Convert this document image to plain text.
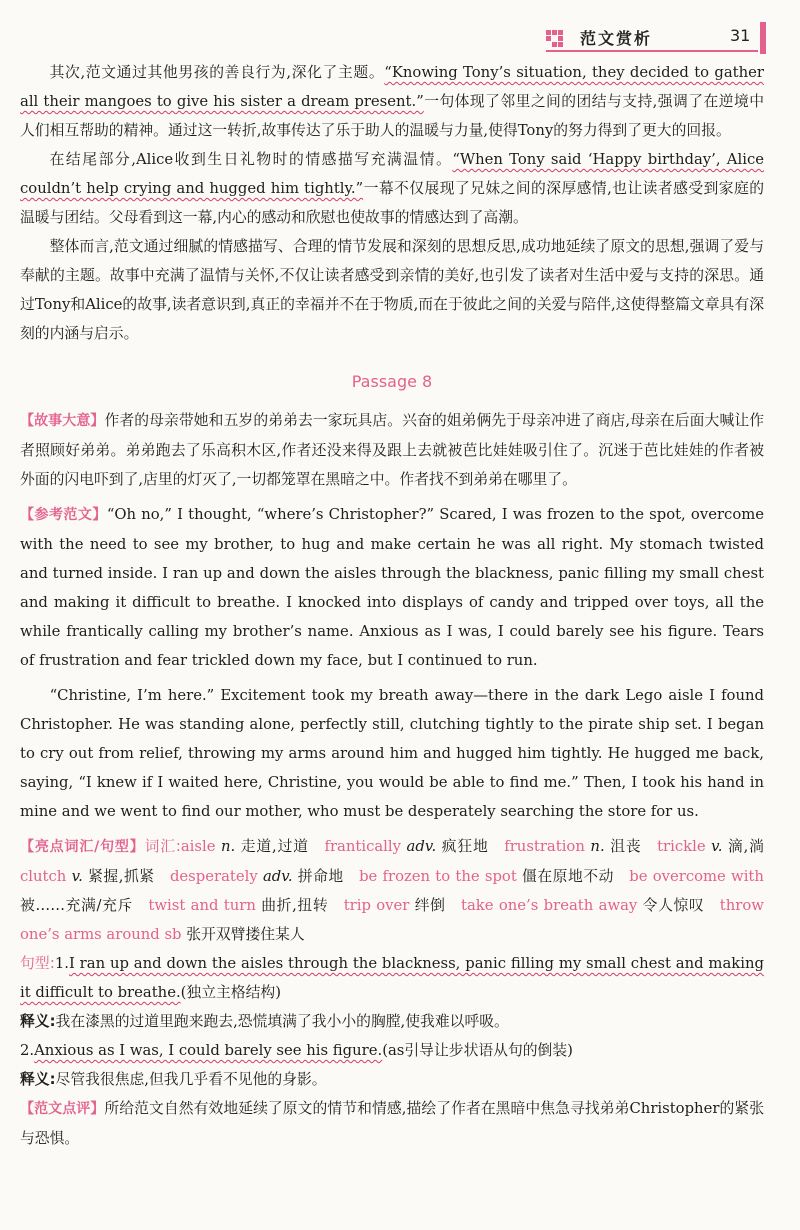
范文赏析	31

其次,范文通过其他男孩的善良行为,深化了主题。“Knowing Tony’s situation, they decided to gather all their mangoes to give his sister a dream present.”一句体现了邻里之间的团结与支持,强调了在逆境中人们相互帮助的精神。通过这一转折,故事传达了乐于助人的温暖与力量,使得Tony的努力得到了更大的回报。

在结尾部分,Alice收到生日礼物时的情感描写充满温情。“When Tony said ‘Happy birthday’, Alice couldn’t help crying and hugged him tightly.”一幕不仅展现了兄妹之间的深厚感情,也让读者感受到家庭的温暖与团结。父母看到这一幕,内心的感动和欣慰也使故事的情感达到了高潮。

整体而言,范文通过细腻的情感描写、合理的情节发展和深刻的思想反思,成功地延续了原文的思想,强调了爱与奉献的主题。故事中充满了温情与关怀,不仅让读者感受到亲情的美好,也引发了读者对生活中爱与支持的深思。通过Tony和Alice的故事,读者意识到,真正的幸福并不在于物质,而在于彼此之间的关爱与陪伴,这使得整篇文章具有深刻的内涵与启示。

Passage 8

【故事大意】作者的母亲带她和五岁的弟弟去一家玩具店。兴奋的姐弟俩先于母亲冲进了商店,母亲在后面大喊让作者照顾好弟弟。弟弟跑去了乐高积木区,作者还没来得及跟上去就被芭比娃娃吸引住了。沉迷于芭比娃娃的作者被外面的闪电吓到了,店里的灯灭了,一切都笼罩在黑暗之中。作者找不到弟弟在哪里了。

【参考范文】“Oh no,” I thought, “where’s Christopher?” Scared, I was frozen to the spot, overcome with the need to see my brother, to hug and make certain he was all right. My stomach twisted and turned inside. I ran up and down the aisles through the blackness, panic filling my small chest and making it difficult to breathe. I knocked into displays of candy and tripped over toys, all the while frantically calling my brother’s name. Anxious as I was, I could barely see his figure. Tears of frustration and fear trickled down my face, but I continued to run.

“Christine, I’m here.” Excitement took my breath away—there in the dark Lego aisle I found Christopher. He was standing alone, perfectly still, clutching tightly to the pirate ship set. I began to cry out from relief, throwing my arms around him and hugged him tightly. He hugged me back, saying, “I knew if I waited here, Christine, you would be able to find me.” Then, I took his hand in mine and we went to find our mother, who must be desperately searching the store for us.

【亮点词汇/句型】词汇:aisle n. 走道,过道　 frantically adv. 疯狂地　 frustration n. 沮丧　 trickle v. 滴,淌　clutch v. 紧握,抓紧　 desperately adv. 拼命地　 be frozen to the spot 僵在原地不动　 be overcome with 被……充满/充斥　 twist and turn 曲折,扭转　 trip over 绊倒　 take one’s breath away 令人惊叹　 throw one’s arms around sb 张开双臂搂住某人　

句型:1.I ran up and down the aisles through the blackness, panic filling my small chest and making it difficult to breathe.(独立主格结构)

释义:我在漆黑的过道里跑来跑去,恐慌填满了我小小的胸膛,使我难以呼吸。

2.Anxious as I was, I could barely see his figure.(as引导让步状语从句的倒装)

释义:尽管我很焦虑,但我几乎看不见他的身影。

【范文点评】所给范文自然有效地延续了原文的情节和情感,描绘了作者在黑暗中焦急寻找弟弟Christopher的紧张与恐惧。
